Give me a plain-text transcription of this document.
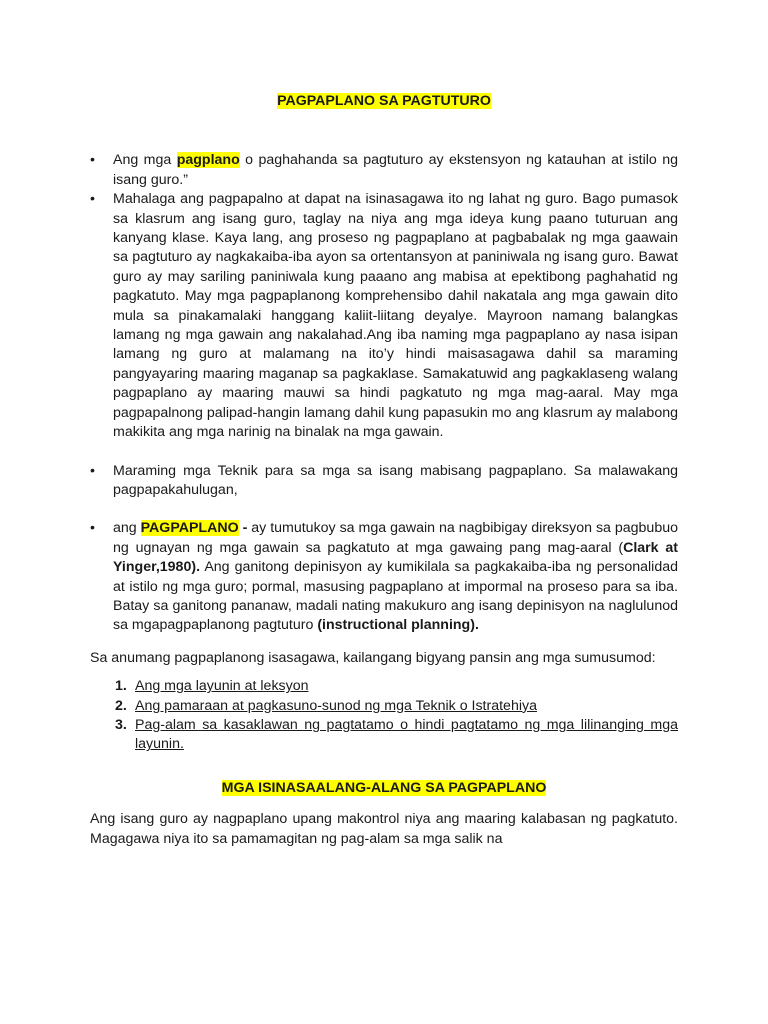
PAGPAPLANO SA PAGTUTURO
• Ang mga pagplano o paghahanda sa pagtuturo ay ekstensyon ng katauhan at istilo ng isang guro.”
• Mahalaga ang pagpapalno at dapat na isinasagawa ito ng lahat ng guro. Bago pumasok sa klasrum ang isang guro, taglay na niya ang mga ideya kung paano tuturuan ang kanyang klase. Kaya lang, ang proseso ng pagpaplano at pagbabalak ng mga gaawain sa pagtuturo ay nagkakaiba-iba ayon sa ortentansyon at paniniwala ng isang guro. Bawat guro ay may sariling paniniwala kung paaano ang mabisa at epektibong paghahatid ng pagkatuto. May mga pagpaplanong komprehensibo dahil nakatala ang mga gawain dito mula sa pinakamalaki hanggang kaliit-liitang deyalye. Mayroon namang balangkas lamang ng mga gawain ang nakalahad.Ang iba naming mga pagpaplano ay nasa isipan lamang ng guro at malamang na ito’y hindi maisasagawa dahil sa maraming pangyayaring maaring maganap sa pagkaklase. Samakatuwid ang pagkaklaseng walang pagpaplano ay maaring mauwi sa hindi pagkatuto ng mga mag-aaral. May mga pagpapalnong palipad-hangin lamang dahil kung papasukin mo ang klasrum ay malabong makikita ang mga narinig na binalak na mga gawain.
• Maraming mga Teknik para sa mga sa isang mabisang pagpaplano. Sa malawakang pagpapakahulugan,
• ang PAGPAPLANO - ay tumutukoy sa mga gawain na nagbibigay direksyon sa pagbubuo ng ugnayan ng mga gawain sa pagkatuto at mga gawaing pang mag-aaral (Clark at Yinger,1980). Ang ganitong depinisyon ay kumikilala sa pagkakaiba-iba ng personalidad at istilo ng mga guro; pormal, masusing pagpaplano at impormal na proseso para sa iba. Batay sa ganitong pananaw, madali nating makukuro ang isang depinisyon na naglulunod sa mgapagpaplanong pagtuturo (instructional planning).

Sa anumang pagpaplanong isasagawa, kailangang bigyang pansin ang mga sumusumod:

1. Ang mga layunin at leksyon
2. Ang pamaraan at pagkasuno-sunod ng mga Teknik o Istratehiya
3. Pag-alam sa kasaklawan ng pagtatamo o hindi pagtatamo ng mga lilinanging mga layunin.
MGA ISINASAALANG-ALANG SA PAGPAPLANO

Ang isang guro ay nagpaplano upang makontrol niya ang maaring kalabasan ng pagkatuto. Magagawa niya ito sa pamamagitan ng pag-alam sa mga salik na
